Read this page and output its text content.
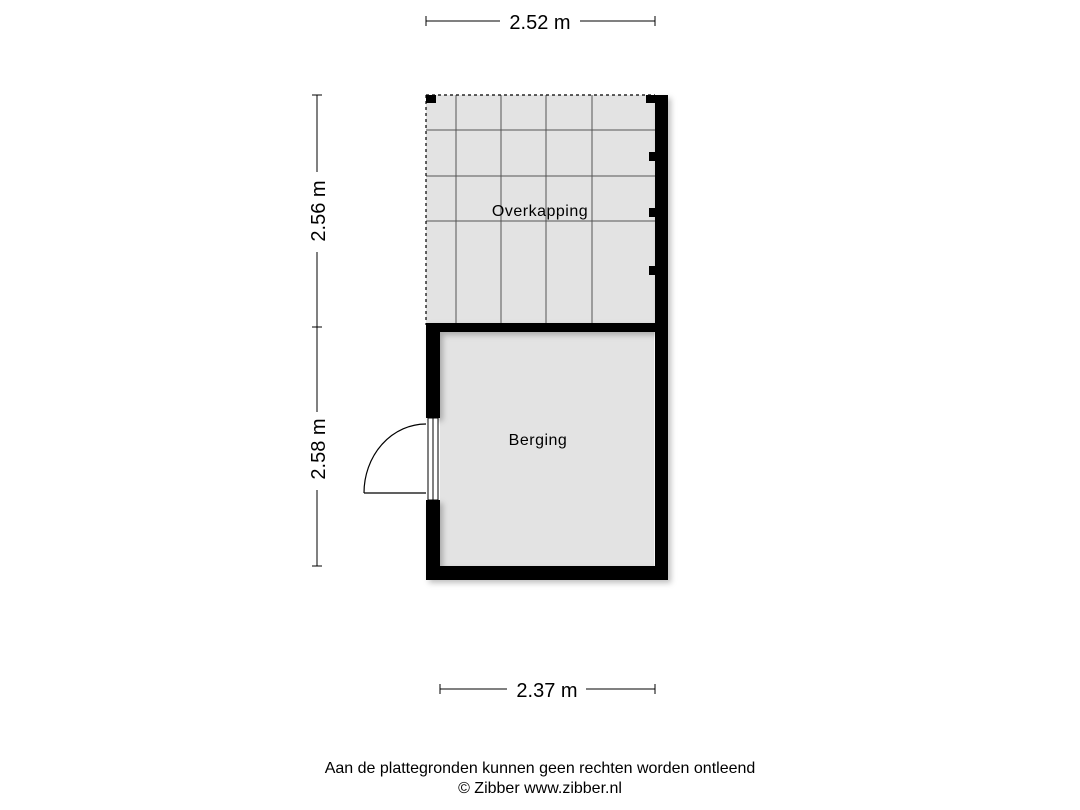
2.52 m
2.37 m
2.56 m
2.58 m
Overkapping
Berging
Aan de plattegronden kunnen geen rechten worden ontleend
© Zibber www.zibber.nl
